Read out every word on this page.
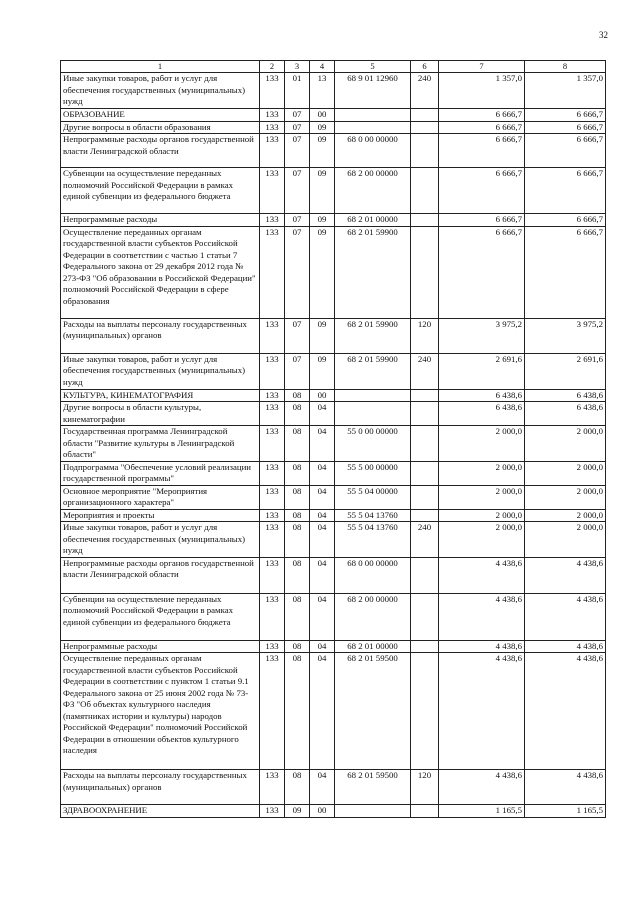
32
1	2	3	4	5	6	7	8
Иные закупки товаров, работ и услуг для обеспечения государственных (муниципальных) нужд	133	01	13	68 9 01 12960	240	1 357,0	1 357,0
ОБРАЗОВАНИЕ	133	07	00			6 666,7	6 666,7
Другие вопросы в области образования	133	07	09			6 666,7	6 666,7
Непрограммные расходы органов государственной власти Ленинградской области	133	07	09	68 0 00 00000		6 666,7	6 666,7
Субвенции на осуществление переданных полномочий Российской Федерации в рамках единой субвенции из федерального бюджета	133	07	09	68 2 00 00000		6 666,7	6 666,7
Непрограммные расходы	133	07	09	68 2 01 00000		6 666,7	6 666,7
Осуществление переданных органам государственной власти субъектов Российской Федерации в соответствии с частью 1 статьи 7 Федерального закона от 29 декабря 2012 года № 273-ФЗ "Об образовании в Российской Федерации" полномочий Российской Федерации в сфере образования	133	07	09	68 2 01 59900		6 666,7	6 666,7
Расходы на выплаты персоналу государственных (муниципальных) органов	133	07	09	68 2 01 59900	120	3 975,2	3 975,2
Иные закупки товаров, работ и услуг для обеспечения государственных (муниципальных) нужд	133	07	09	68 2 01 59900	240	2 691,6	2 691,6
КУЛЬТУРА, КИНЕМАТОГРАФИЯ	133	08	00			6 438,6	6 438,6
Другие вопросы в области культуры, кинематографии	133	08	04			6 438,6	6 438,6
Государственная программа Ленинградской области "Развитие культуры в Ленинградской области"	133	08	04	55 0 00 00000		2 000,0	2 000,0
Подпрограмма "Обеспечение условий реализации государственной программы"	133	08	04	55 5 00 00000		2 000,0	2 000,0
Основное мероприятие "Мероприятия организационного характера"	133	08	04	55 5 04 00000		2 000,0	2 000,0
Мероприятия и проекты	133	08	04	55 5 04 13760		2 000,0	2 000,0
Иные закупки товаров, работ и услуг для обеспечения государственных (муниципальных) нужд	133	08	04	55 5 04 13760	240	2 000,0	2 000,0
Непрограммные расходы органов государственной власти Ленинградской области	133	08	04	68 0 00 00000		4 438,6	4 438,6
Субвенции на осуществление переданных полномочий Российской Федерации в рамках единой субвенции из федерального бюджета	133	08	04	68 2 00 00000		4 438,6	4 438,6
Непрограммные расходы	133	08	04	68 2 01 00000		4 438,6	4 438,6
Осуществление переданных органам государственной власти субъектов Российской Федерации в соответствии с пунктом 1 статьи 9.1 Федерального закона от 25 июня 2002 года № 73-ФЗ "Об объектах культурного наследия (памятниках истории и культуры) народов Российской Федерации" полномочий Российской Федерации в отношении объектов культурного наследия	133	08	04	68 2 01 59500		4 438,6	4 438,6
Расходы на выплаты персоналу государственных (муниципальных) органов	133	08	04	68 2 01 59500	120	4 438,6	4 438,6
ЗДРАВООХРАНЕНИЕ	133	09	00			1 165,5	1 165,5
